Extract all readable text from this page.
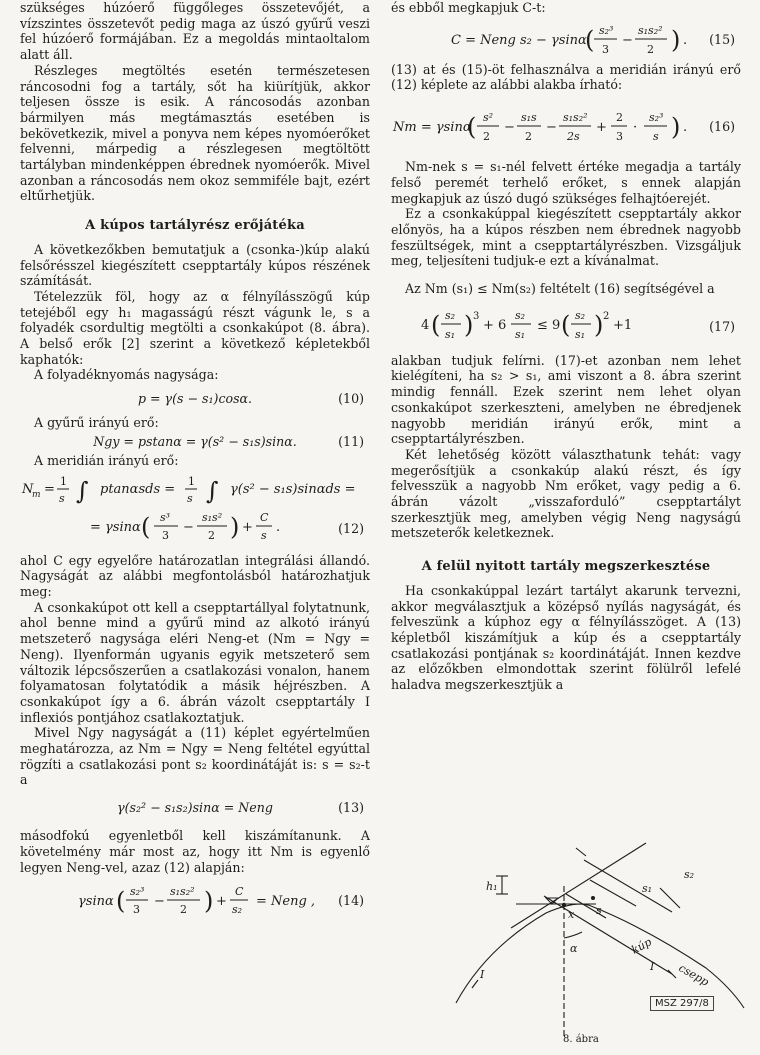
szükséges húzóerő függőleges összetevőjét, a vízszintes összetevőt pedig maga az úszó gyűrű veszi fel húzóerő formájában. Ez a megoldás mintaoltalom alatt áll.

Részleges megtöltés esetén természetesen ráncosodni fog a tartály, sőt ha kiürítjük, akkor teljesen össze is esik. A ráncosodás azonban bármilyen más megtámasztás esetében is bekövetkezik, mivel a ponyva nem képes nyomóerőket felvenni, márpedig a részlegesen megtöltött tartályban mindenképpen ébrednek nyomóerők. Mivel azonban a ráncosodás nem okoz semmiféle bajt, ezért eltűrhetjük.

A kúpos tartályrész erőjátéka

A következőkben bemutatjuk a (csonka-)kúp alakú felsőrésszel kiegészített csepptartály kúpos részének számítását.

Tételezzük föl, hogy az α félnyílásszögű kúp tetejéből egy h₁ magasságú részt vágunk le, s a folyadék csordultig megtölti a csonkakúpot (8. ábra). A belső erők [2] szerint a következő képletekből kaphatók:

A folyadéknyomás nagysága:

p = γ(s − s₁)cosα.	(10)

A gyűrű irányú erő:

Ngy = pstanα = γ(s² − s₁s)sinα.	(11)

A meridián irányú erő:

N
m =
1
s ∫ ptanαsds =
1
s ∫ γ(s² − s₁s)sinαds =
= γsinα ( s³
3
−
s₁s²
2 ) +
C
s
.	(12)

ahol C egy egyelőre határozatlan integrálási állandó. Nagyságát az alábbi megfontolásból határozhatjuk meg:

A csonkakúpot ott kell a csepptartállyal folytatnunk, ahol benne mind a gyűrű mind az alkotó irányú metszeterő nagysága eléri Neng-et (Nm = Ngy = Neng). Ilyenformán ugyanis egyik metszeterő sem változik lépcsőszerűen a csatlakozási vonalon, hanem folyamatosan folytatódik a másik héjrészben. A csonkakúpot így a 6. ábrán vázolt csepptartály I inflexiós pontjához csatlakoztatjuk.

Mivel Ngy nagyságát a (11) képlet egyértelműen meghatározza, az Nm = Ngy = Neng feltétel egyúttal rögzíti a csatlakozási pont s₂ koordinátáját is: s = s₂-t a

γ(s₂² − s₁s₂)sinα = Neng	(13)

másodfokú egyenletből kell kiszámítanunk. A követelmény már most az, hogy itt Nm is egyenlő legyen Neng-vel, azaz (12) alapján:

γsinα ( s₂³
3
−
s₁s₂²
2 ) +
C
s₂
= Neng , (14)

és ebből megkapjuk C-t:

C = Neng s₂ − γsinα
( s₂³
3
−
s₁s₂²
2 ) . (15)

(13) at és (15)-öt felhasználva a meridián irányú erő (12) képlete az alábbi alakba írható:

Nm = γsinα
( s²
2
−
s₁s
2
−
s₁s₂²
2s
+
2
3
·
s₂³
s ) . (16)

Nm-nek s = s₁-nél felvett értéke megadja a tartály felső peremét terhelő erőket, s ennek alapján megkapjuk az úszó dugó szükséges felhajtóerejét.

Ez a csonkakúppal kiegészített csepptartály akkor előnyös, ha a kúpos részben nem ébrednek nagyobb feszültségek, mint a csepptartályrészben. Vizsgáljuk meg, teljesíteni tudjuk-e ezt a kívánalmat.

Az Nm (s₁) ≤ Nm(s₂) feltételt (16) segítségével a

4 ( s₂
s₁ ) 3
+ 6
s₂
s₁
≤ 9 ( s₂
s₁ ) 2
+1	(17)

alakban tudjuk felírni. (17)-et azonban nem lehet kielégíteni, ha s₂ > s₁, ami viszont a 8. ábra szerint mindig fennáll. Ezek szerint nem lehet olyan csonkakúpot szerkeszteni, amelyben ne ébredjenek nagyobb meridián irányú erők, mint a csepptartályrészben.

Két lehetőség között választhatunk tehát: vagy megerősítjük a csonkakúp alakú részt, és így felvesszük a nagyobb Nm erőket, vagy pedig a 6. ábrán vázolt „visszaforduló” csepptartályt szerkesztjük meg, amelyben végig Neng nagyságú metszeterők keletkeznek.

A felül nyitott tartály megszerkesztése

Ha csonkakúppal lezárt tartályt akarunk tervezni, akkor megválasztjuk a középső nyílás nagyságát, és felveszünk a kúphoz egy α félnyílásszöget. A (13) képletből kiszámítjuk a kúp és a csepptartály csatlakozási pontjának s₂ koordinátáját. Innen kezdve az előzőkben elmondottak szerint fölülről lefelé haladva megszerkesztjük a

s₂
s₁
s
h₁
x
α
I
I
kúp
csepp
MSZ 297/8
8. ábra
